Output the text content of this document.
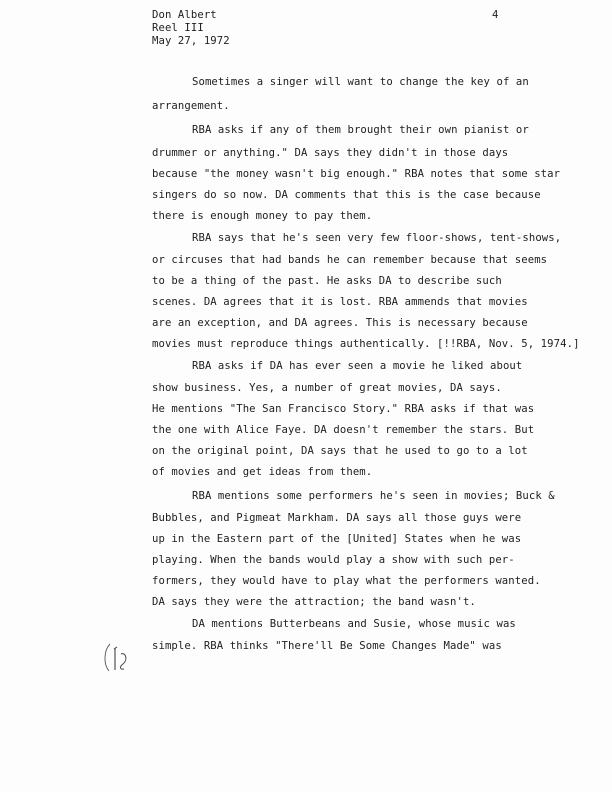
Don Albert
Reel III
May 27, 1972
4
Sometimes a singer will want to change the key of an
arrangement.
RBA asks if any of them brought their own pianist or
drummer or anything." DA says they didn't in those days
because "the money wasn't big enough." RBA notes that some star
singers do so now. DA comments that this is the case because
there is enough money to pay them.
RBA says that he's seen very few floor-shows, tent-shows,
or circuses that had bands he can remember because that seems
to be a thing of the past. He asks DA to describe such
scenes. DA agrees that it is lost. RBA ammends that movies
are an exception, and DA agrees. This is necessary because
movies must reproduce things authentically. [!!RBA, Nov. 5, 1974.]
RBA asks if DA has ever seen a movie he liked about
show business. Yes, a number of great movies, DA says.
He mentions "The San Francisco Story." RBA asks if that was
the one with Alice Faye. DA doesn't remember the stars. But
on the original point, DA says that he used to go to a lot
of movies and get ideas from them.
RBA mentions some performers he's seen in movies; Buck &
Bubbles, and Pigmeat Markham. DA says all those guys were
up in the Eastern part of the [United] States when he was
playing. When the bands would play a show with such per-
formers, they would have to play what the performers wanted.
DA says they were the attraction; the band wasn't.
DA mentions Butterbeans and Susie, whose music was
simple. RBA thinks "There'll Be Some Changes Made" was
